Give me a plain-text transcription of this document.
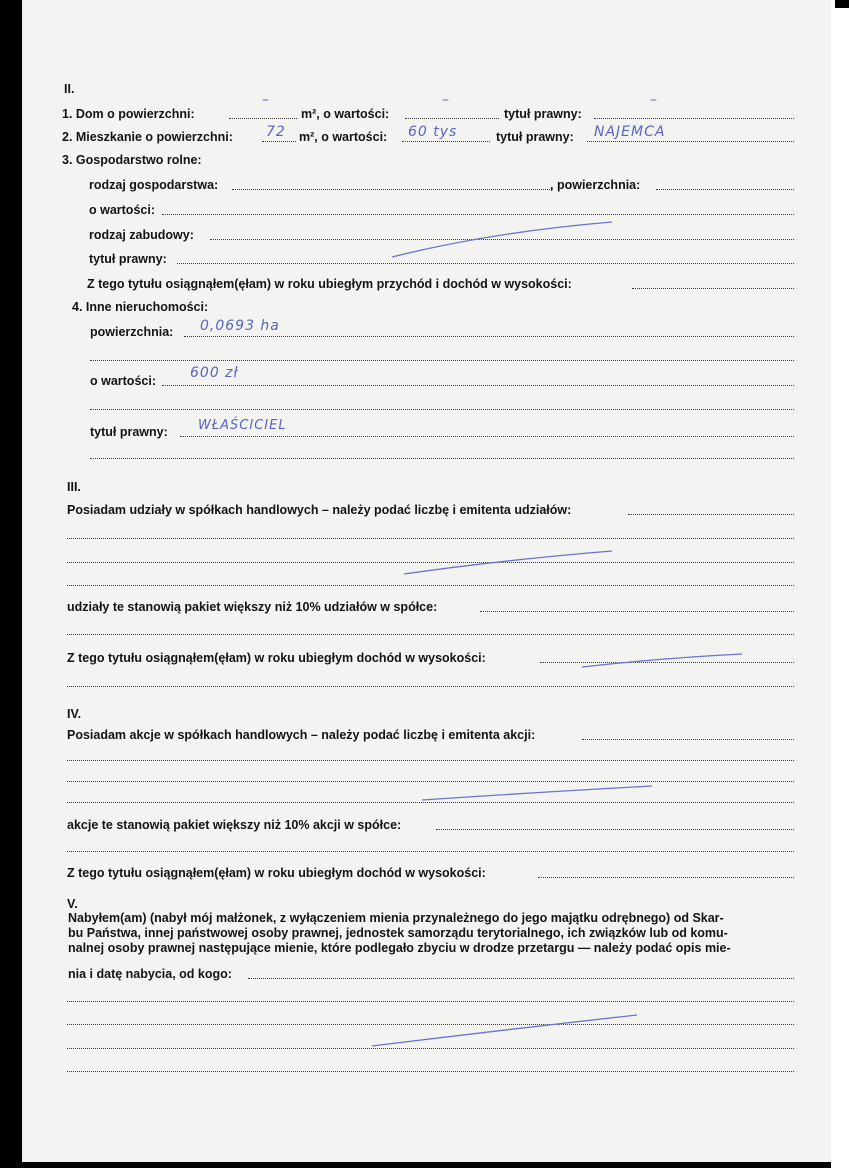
II.
1. Dom o powierzchni:
–
m², o wartości:
–
tytuł prawny:
–
2. Mieszkanie o powierzchni: 72 m², o wartości: 60 tys	tytuł prawny: NAJEMCA
3. Gospodarstwo rolne:
rodzaj gospodarstwa:	, powierzchnia:
o wartości:
rodzaj zabudowy:
tytuł prawny:
Z tego tytułu osiągnąłem(ęłam) w roku ubiegłym przychód i dochód w wysokości:
4. Inne nieruchomości:
powierzchnia: 0,0693 ha
o wartości: 600 zł
tytuł prawny: WŁAŚCICIEL
III.
Posiadam udziały w spółkach handlowych – należy podać liczbę i emitenta udziałów:
udziały te stanowią pakiet większy niż 10% udziałów w spółce:
Z tego tytułu osiągnąłem(ęłam) w roku ubiegłym dochód w wysokości:
IV.
Posiadam akcje w spółkach handlowych – należy podać liczbę i emitenta akcji:
akcje te stanowią pakiet większy niż 10% akcji w spółce:
Z tego tytułu osiągnąłem(ęłam) w roku ubiegłym dochód w wysokości:
V.
Nabyłem(am) (nabył mój małżonek, z wyłączeniem mienia przynależnego do jego majątku odrębnego) od Skar-
bu Państwa, innej państwowej osoby prawnej, jednostek samorządu terytorialnego, ich związków lub od komu-
nalnej osoby prawnej następujące mienie, które podlegało zbyciu w drodze przetargu — należy podać opis mie-
nia i datę nabycia, od kogo:
